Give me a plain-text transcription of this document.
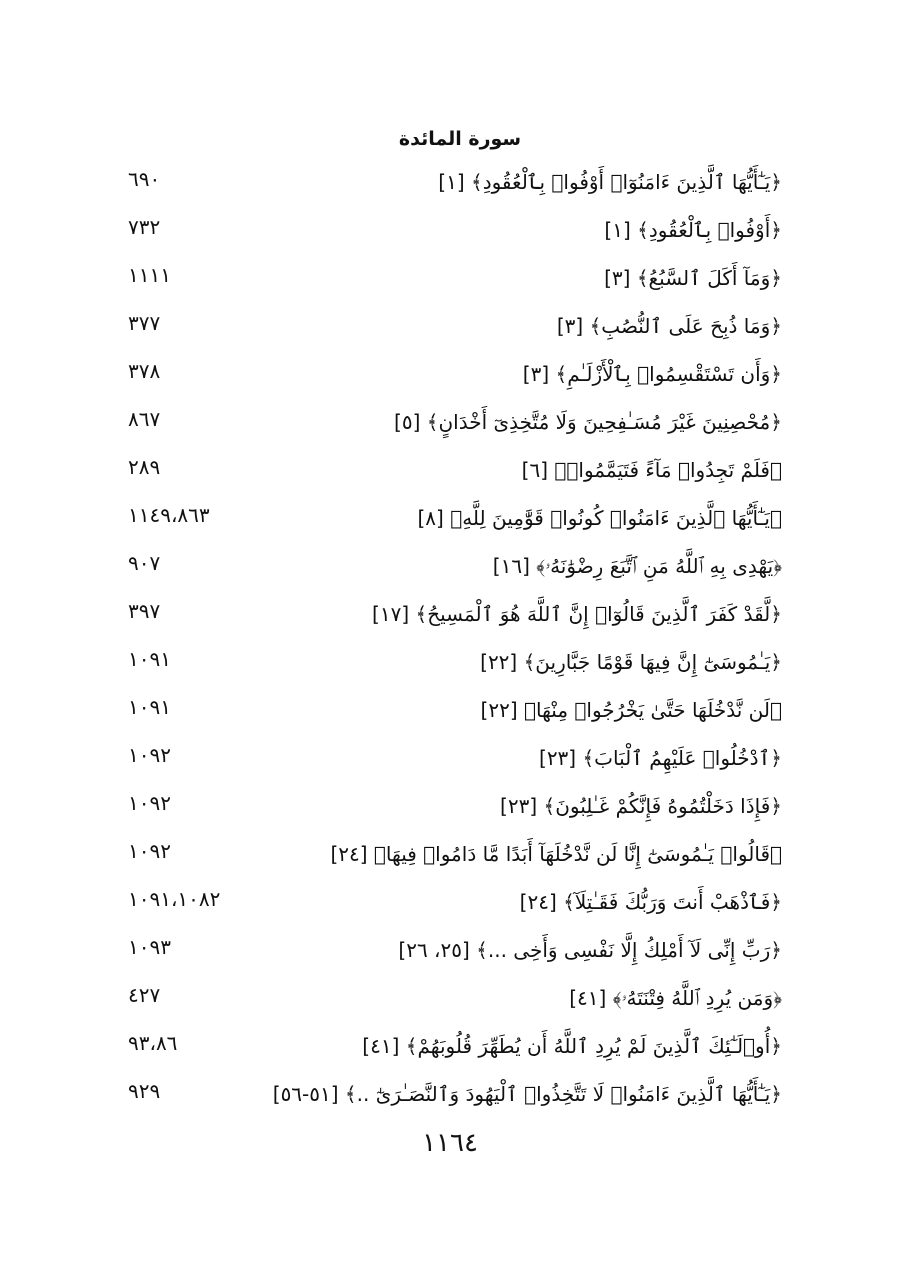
سورة المائدة
﴿يَـٰٓأَيُّهَا ٱلَّذِينَ ءَامَنُوٓا۟ أَوْفُوا۟ بِٱلْعُقُودِ﴾ [١]
٦٩٠
﴿أَوْفُوا۟ بِٱلْعُقُودِ﴾ [١]
٧٣٢
﴿وَمَآ أَكَلَ ٱلسَّبُعُ﴾ [٣]
١١١١
﴿وَمَا ذُبِحَ عَلَى ٱلنُّصُبِ﴾ [٣]
٣٧٧
﴿وَأَن تَسْتَقْسِمُوا۟ بِٱلْأَزْلَـٰمِ﴾ [٣]
٣٧٨
﴿مُحْصِنِينَ غَيْرَ مُسَـٰفِحِينَ وَلَا مُتَّخِذِىٓ أَخْدَانٍ﴾ [٥]
٨٦٧
﴿فَلَمْ تَجِدُوا۟ مَآءً فَتَيَمَّمُوا۟﴾ [٦]
٢٨٩
﴿يَـٰٓأَيُّهَا ٱلَّذِينَ ءَامَنُوا۟ كُونُوا۟ قَوَّٰمِينَ لِلَّهِ﴾ [٨]
١١٤٩،٨٦٣
﴿يَهْدِى بِهِ ٱللَّهُ مَنِ ٱتَّبَعَ رِضْوَٰنَهُۥ﴾ [١٦]
٩٠٧
﴿لَّقَدْ كَفَرَ ٱلَّذِينَ قَالُوٓا۟ إِنَّ ٱللَّهَ هُوَ ٱلْمَسِيحُ﴾ [١٧]
٣٩٧
﴿يَـٰمُوسَىٰٓ إِنَّ فِيهَا قَوْمًا جَبَّارِينَ﴾ [٢٢]
١٠٩١
﴿لَن نَّدْخُلَهَا حَتَّىٰ يَخْرُجُوا۟ مِنْهَا﴾ [٢٢]
١٠٩١
﴿ٱدْخُلُوا۟ عَلَيْهِمُ ٱلْبَابَ﴾ [٢٣]
١٠٩٢
﴿فَإِذَا دَخَلْتُمُوهُ فَإِنَّكُمْ غَـٰلِبُونَ﴾ [٢٣]
١٠٩٢
﴿قَالُوا۟ يَـٰمُوسَىٰٓ إِنَّا لَن نَّدْخُلَهَآ أَبَدًا مَّا دَامُوا۟ فِيهَا﴾ [٢٤]
١٠٩٢
﴿فَٱذْهَبْ أَنتَ وَرَبُّكَ فَقَـٰتِلَآ﴾ [٢٤]
١٠٩١،١٠٨٢
﴿رَبِّ إِنِّى لَآ أَمْلِكُ إِلَّا نَفْسِى وَأَخِى ...﴾ [٢٥، ٢٦]
١٠٩٣
﴿وَمَن يُرِدِ ٱللَّهُ فِتْنَتَهُۥ﴾ [٤١]
٤٢٧
﴿أُو۟لَـٰٓئِكَ ٱلَّذِينَ لَمْ يُرِدِ ٱللَّهُ أَن يُطَهِّرَ قُلُوبَهُمْ﴾ [٤١]
٩٣،٨٦
﴿يَـٰٓأَيُّهَا ٱلَّذِينَ ءَامَنُوا۟ لَا تَتَّخِذُوا۟ ٱلْيَهُودَ وَٱلنَّصَـٰرَىٰٓ ..﴾ [٥١-٥٦]
٩٢٩
١١٦٤
